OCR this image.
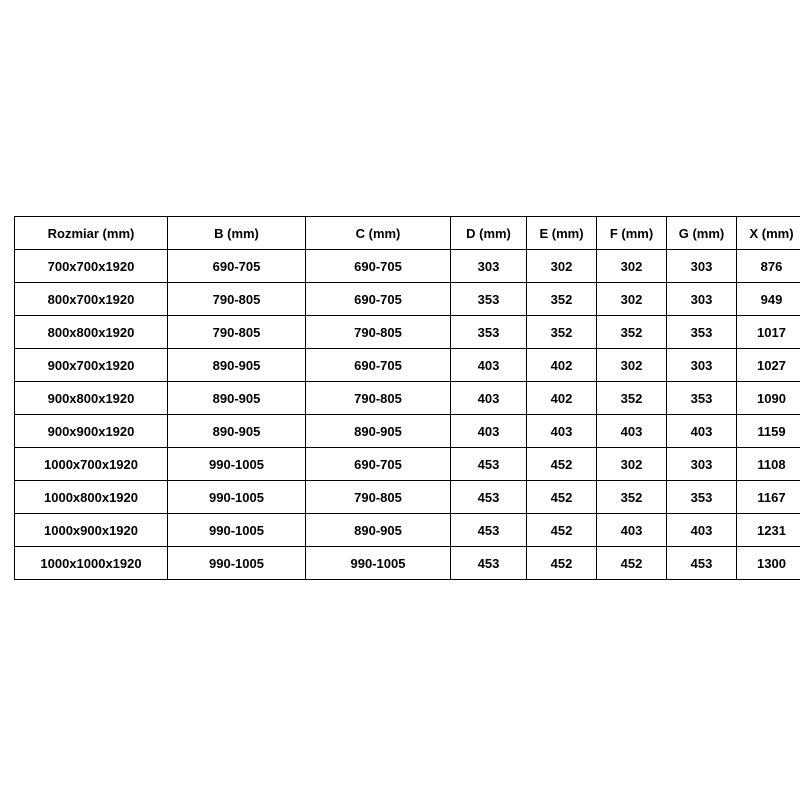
Rozmiar (mm)	B (mm)	C (mm)	D (mm)	E (mm)	F (mm)	G (mm)	X (mm)
700x700x1920	690-705	690-705	303	302	302	303	876
800x700x1920	790-805	690-705	353	352	302	303	949
800x800x1920	790-805	790-805	353	352	352	353	1017
900x700x1920	890-905	690-705	403	402	302	303	1027
900x800x1920	890-905	790-805	403	402	352	353	1090
900x900x1920	890-905	890-905	403	403	403	403	1159
1000x700x1920	990-1005	690-705	453	452	302	303	1108
1000x800x1920	990-1005	790-805	453	452	352	353	1167
1000x900x1920	990-1005	890-905	453	452	403	403	1231
1000x1000x1920	990-1005	990-1005	453	452	452	453	1300
